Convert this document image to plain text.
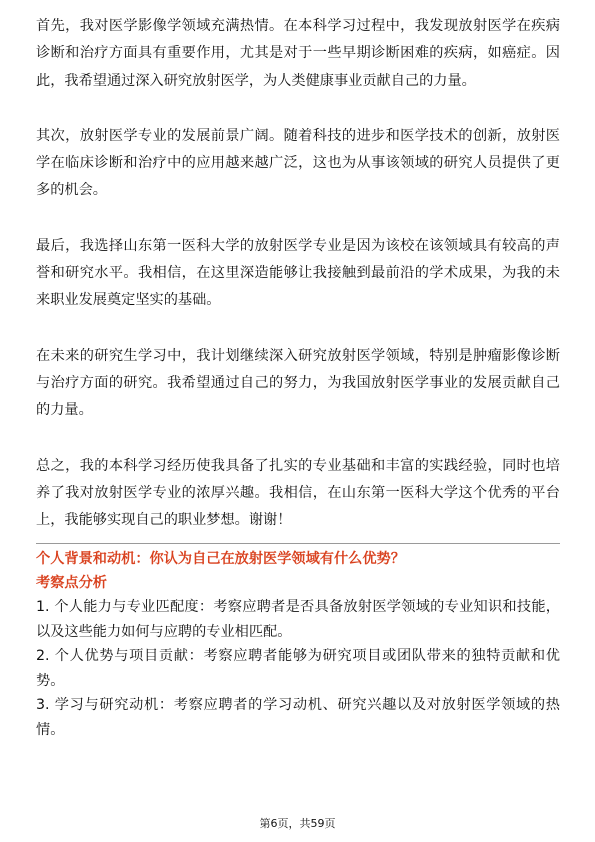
首先，我对医学影像学领域充满热情。在本科学习过程中，我发现放射医学在疾病诊断和治疗方面具有重要作用，尤其是对于一些早期诊断困难的疾病，如癌症。因此，我希望通过深入研究放射医学，为人类健康事业贡献自己的力量。

其次，放射医学专业的发展前景广阔。随着科技的进步和医学技术的创新，放射医学在临床诊断和治疗中的应用越来越广泛，这也为从事该领域的研究人员提供了更多的机会。

最后，我选择山东第一医科大学的放射医学专业是因为该校在该领域具有较高的声誉和研究水平。我相信，在这里深造能够让我接触到最前沿的学术成果，为我的未来职业发展奠定坚实的基础。

在未来的研究生学习中，我计划继续深入研究放射医学领域，特别是肿瘤影像诊断与治疗方面的研究。我希望通过自己的努力，为我国放射医学事业的发展贡献自己的力量。

总之，我的本科学习经历使我具备了扎实的专业基础和丰富的实践经验，同时也培养了我对放射医学专业的浓厚兴趣。我相信，在山东第一医科大学这个优秀的平台上，我能够实现自己的职业梦想。谢谢！

个人背景和动机：你认为自己在放射医学领域有什么优势？

考察点分析

1. 个人能力与专业匹配度：考察应聘者是否具备放射医学领域的专业知识和技能，以及这些能力如何与应聘的专业相匹配。

2. 个人优势与项目贡献：考察应聘者能够为研究项目或团队带来的独特贡献和优势。

3. 学习与研究动机：考察应聘者的学习动机、研究兴趣以及对放射医学领域的热情。

第6页，共59页
